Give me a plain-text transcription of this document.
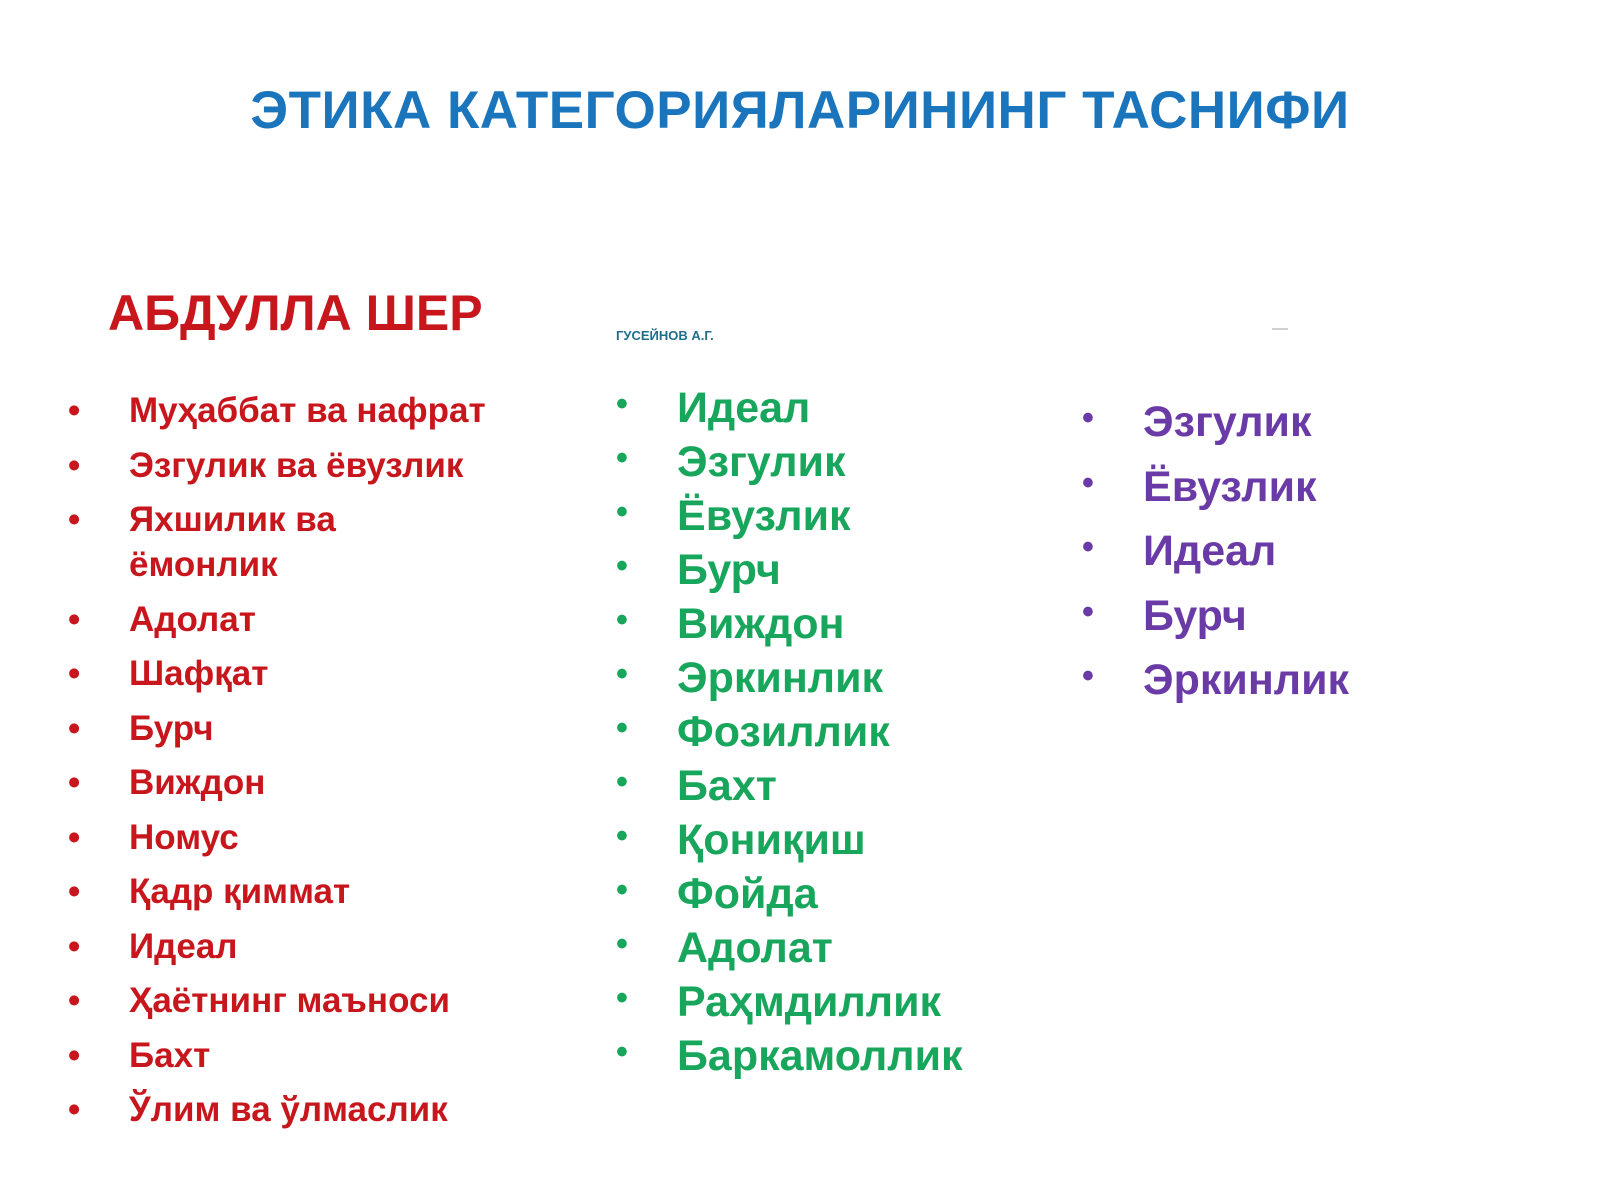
ЭТИКА КАТЕГОРИЯЛАРИНИНГ ТАСНИФИ
АБДУЛЛА ШЕР	ГУСЕЙНОВ А.Г.
• Муҳаббат ва нафрат
• Эзгулик ва ёвузлик
• Яхшилик ва ёмонлик
• Адолат
• Шафқат
• Бурч
• Виждон
• Номус
• Қадр қиммат
• Идеал
• Ҳаётнинг маъноси
• Бахт
• Ўлим ва ўлмаслик
• Идеал
• Эзгулик
• Ёвузлик
• Бурч
• Виждон
• Эркинлик
• Фозиллик
• Бахт
• Қониқиш
• Фойда
• Адолат
• Раҳмдиллик
• Баркамоллик
• Эзгулик
• Ёвузлик
• Идеал
• Бурч
• Эркинлик
